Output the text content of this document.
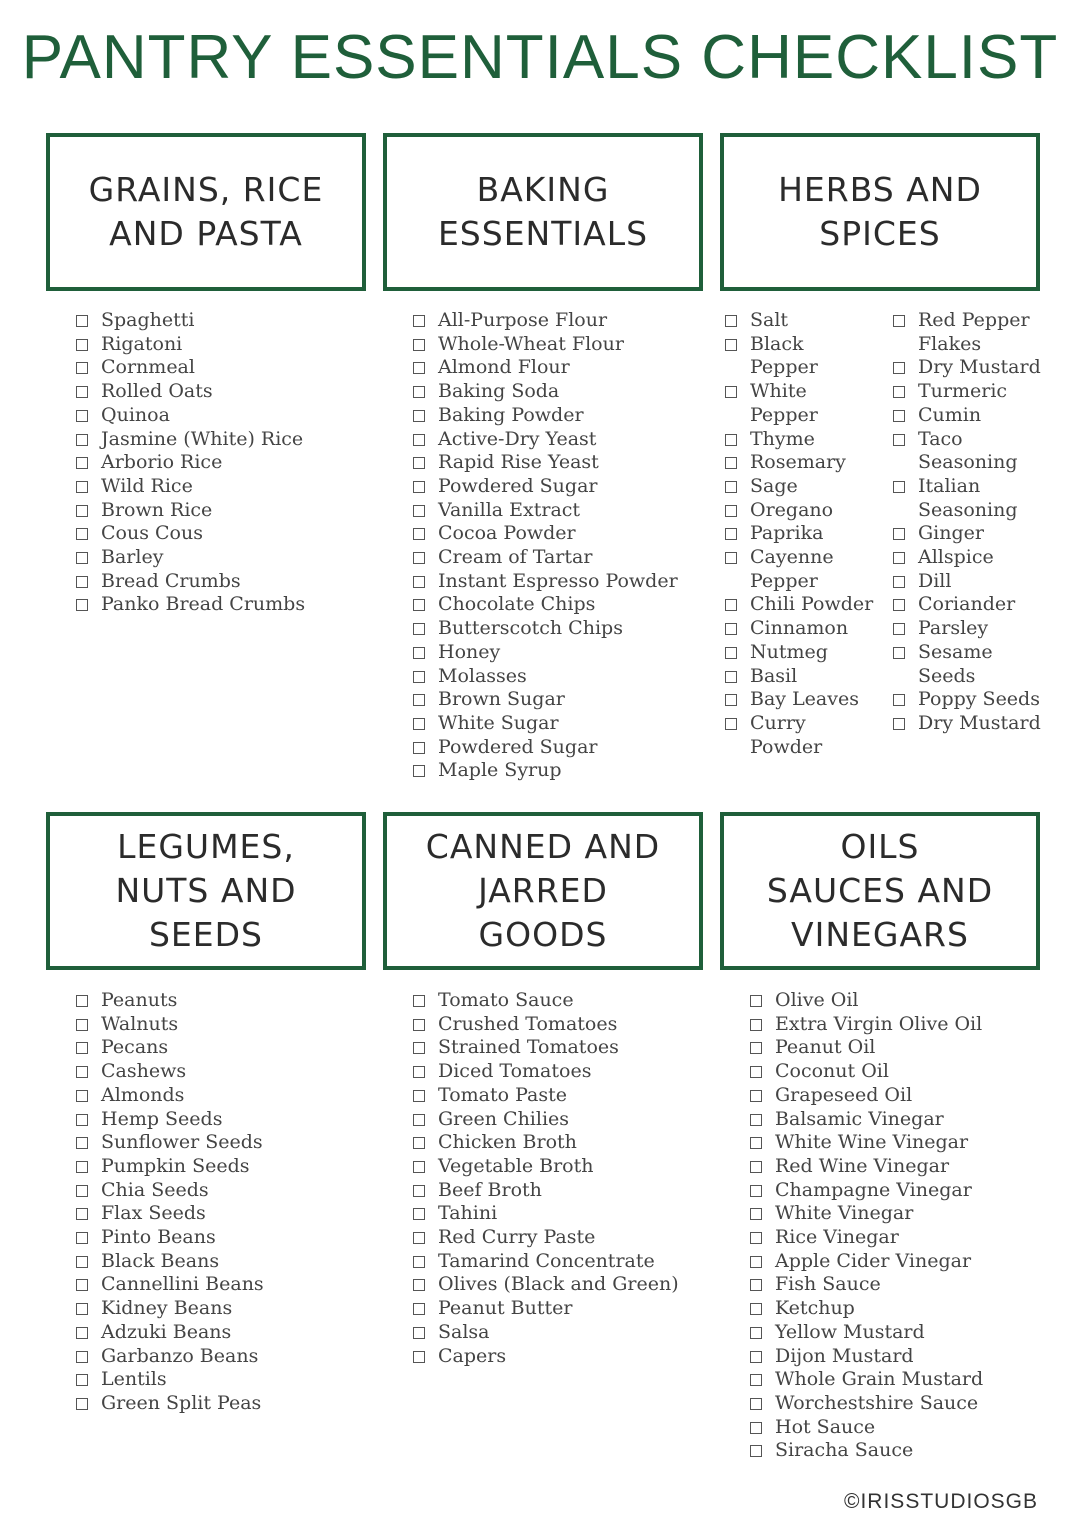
PANTRY ESSENTIALS CHECKLIST
GRAINS, RICE
AND PASTA
BAKING
ESSENTIALS
HERBS AND
SPICES
LEGUMES,
NUTS AND
SEEDS
CANNED AND
JARRED
GOODS
OILS
SAUCES AND
VINEGARS
Spaghetti
Rigatoni
Cornmeal
Rolled Oats
Quinoa
Jasmine (White) Rice
Arborio Rice
Wild Rice
Brown Rice
Cous Cous
Barley
Bread Crumbs
Panko Bread Crumbs
All-Purpose Flour
Whole-Wheat Flour
Almond Flour
Baking Soda
Baking Powder
Active-Dry Yeast
Rapid Rise Yeast
Powdered Sugar
Vanilla Extract
Cocoa Powder
Cream of Tartar
Instant Espresso Powder
Chocolate Chips
Butterscotch Chips
Honey
Molasses
Brown Sugar
White Sugar
Powdered Sugar
Maple Syrup
Salt
Black Pepper
White Pepper
Thyme
Rosemary
Sage
Oregano
Paprika
Cayenne Pepper
Chili Powder
Cinnamon
Nutmeg
Basil
Bay Leaves
Curry Powder
Red Pepper Flakes
Dry Mustard
Turmeric
Cumin
Taco Seasoning
Italian Seasoning
Ginger
Allspice
Dill
Coriander
Parsley
Sesame Seeds
Poppy Seeds
Dry Mustard
Peanuts
Walnuts
Pecans
Cashews
Almonds
Hemp Seeds
Sunflower Seeds
Pumpkin Seeds
Chia Seeds
Flax Seeds
Pinto Beans
Black Beans
Cannellini Beans
Kidney Beans
Adzuki Beans
Garbanzo Beans
Lentils
Green Split Peas
Tomato Sauce
Crushed Tomatoes
Strained Tomatoes
Diced Tomatoes
Tomato Paste
Green Chilies
Chicken Broth
Vegetable Broth
Beef Broth
Tahini
Red Curry Paste
Tamarind Concentrate
Olives (Black and Green)
Peanut Butter
Salsa
Capers
Olive Oil
Extra Virgin Olive Oil
Peanut Oil
Coconut Oil
Grapeseed Oil
Balsamic Vinegar
White Wine Vinegar
Red Wine Vinegar
Champagne Vinegar
White Vinegar
Rice Vinegar
Apple Cider Vinegar
Fish Sauce
Ketchup
Yellow Mustard
Dijon Mustard
Whole Grain Mustard
Worchestshire Sauce
Hot Sauce
Siracha Sauce
©IRISSTUDIOSGB
